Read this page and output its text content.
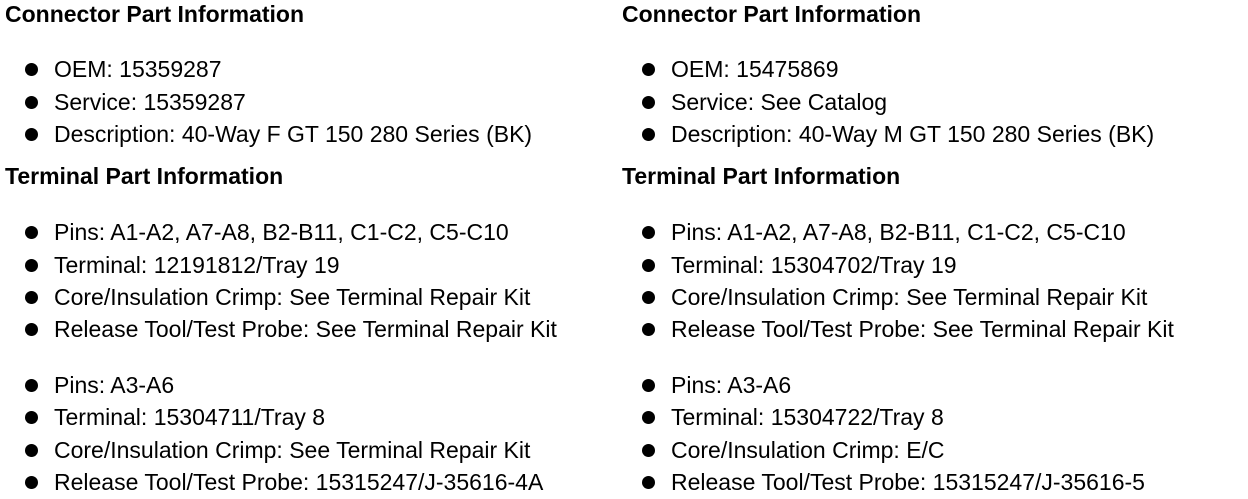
Connector Part Information
OEM: 15359287
Service: 15359287
Description: 40-Way F GT 150 280 Series (BK)
Terminal Part Information
Pins: A1-A2, A7-A8, B2-B11, C1-C2, C5-C10
Terminal: 12191812/Tray 19
Core/Insulation Crimp: See Terminal Repair Kit
Release Tool/Test Probe: See Terminal Repair Kit
Pins: A3-A6
Terminal: 15304711/Tray 8
Core/Insulation Crimp: See Terminal Repair Kit
Release Tool/Test Probe: 15315247/J-35616-4A
Connector Part Information
OEM: 15475869
Service: See Catalog
Description: 40-Way M GT 150 280 Series (BK)
Terminal Part Information
Pins: A1-A2, A7-A8, B2-B11, C1-C2, C5-C10
Terminal: 15304702/Tray 19
Core/Insulation Crimp: See Terminal Repair Kit
Release Tool/Test Probe: See Terminal Repair Kit
Pins: A3-A6
Terminal: 15304722/Tray 8
Core/Insulation Crimp: E/C
Release Tool/Test Probe: 15315247/J-35616-5
